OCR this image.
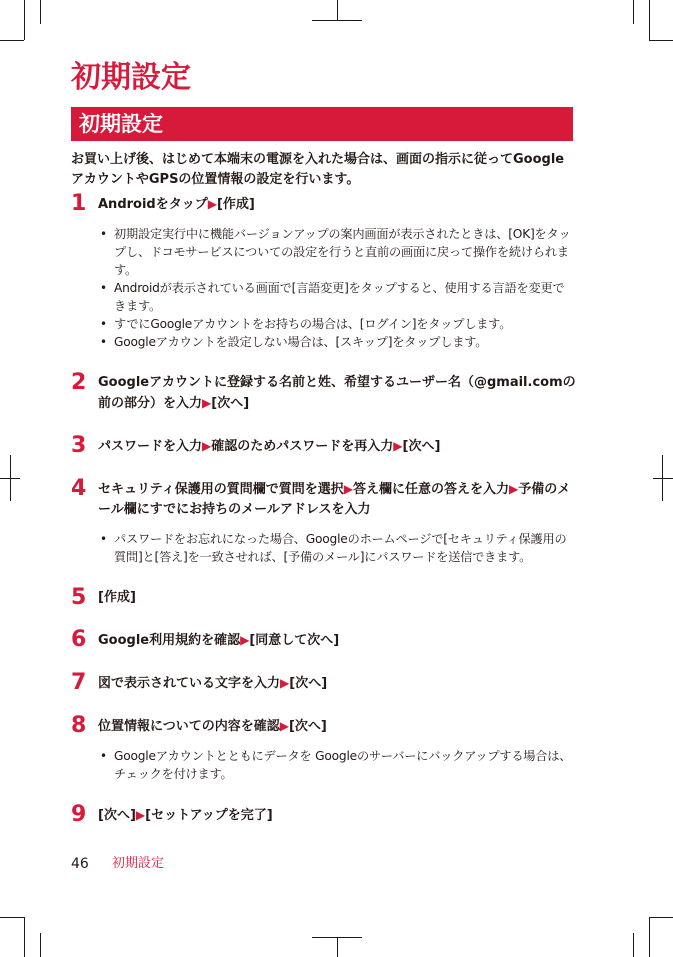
初期設定
初期設定
お買い上げ後、はじめて本端末の電源を入れた場合は、画面の指示に従ってGoogleアカウントやGPSの位置情報の設定を行います。
1 Androidをタップ▶[作成]
• 初期設定実行中に機能バージョンアップの案内画面が表示されたときは、[OK]をタップし、ドコモサービスについての設定を行うと直前の画面に戻って操作を続けられます。
• Androidが表示されている画面で[言語変更]をタップすると、使用する言語を変更できます。
• すでにGoogleアカウントをお持ちの場合は、[ログイン]をタップします。
• Googleアカウントを設定しない場合は、[スキップ]をタップします。
2 Googleアカウントに登録する名前と姓、希望するユーザー名（@gmail.comの前の部分）を入力▶[次へ]
3 パスワードを入力▶確認のためパスワードを再入力▶[次へ]
4 セキュリティ保護用の質問欄で質問を選択▶答え欄に任意の答えを入力▶予備のメール欄にすでにお持ちのメールアドレスを入力
• パスワードをお忘れになった場合、Googleのホームページで[セキュリティ保護用の質問]と[答え]を一致させれば、[予備のメール]にパスワードを送信できます。
5 [作成]
6 Google利用規約を確認▶[同意して次へ]
7 図で表示されている文字を入力▶[次へ]
8 位置情報についての内容を確認▶[次へ]
• Googleアカウントとともにデータを Googleのサーバーにバックアップする場合は、チェックを付けます。
9 [次へ]▶[セットアップを完了]
46 初期設定
